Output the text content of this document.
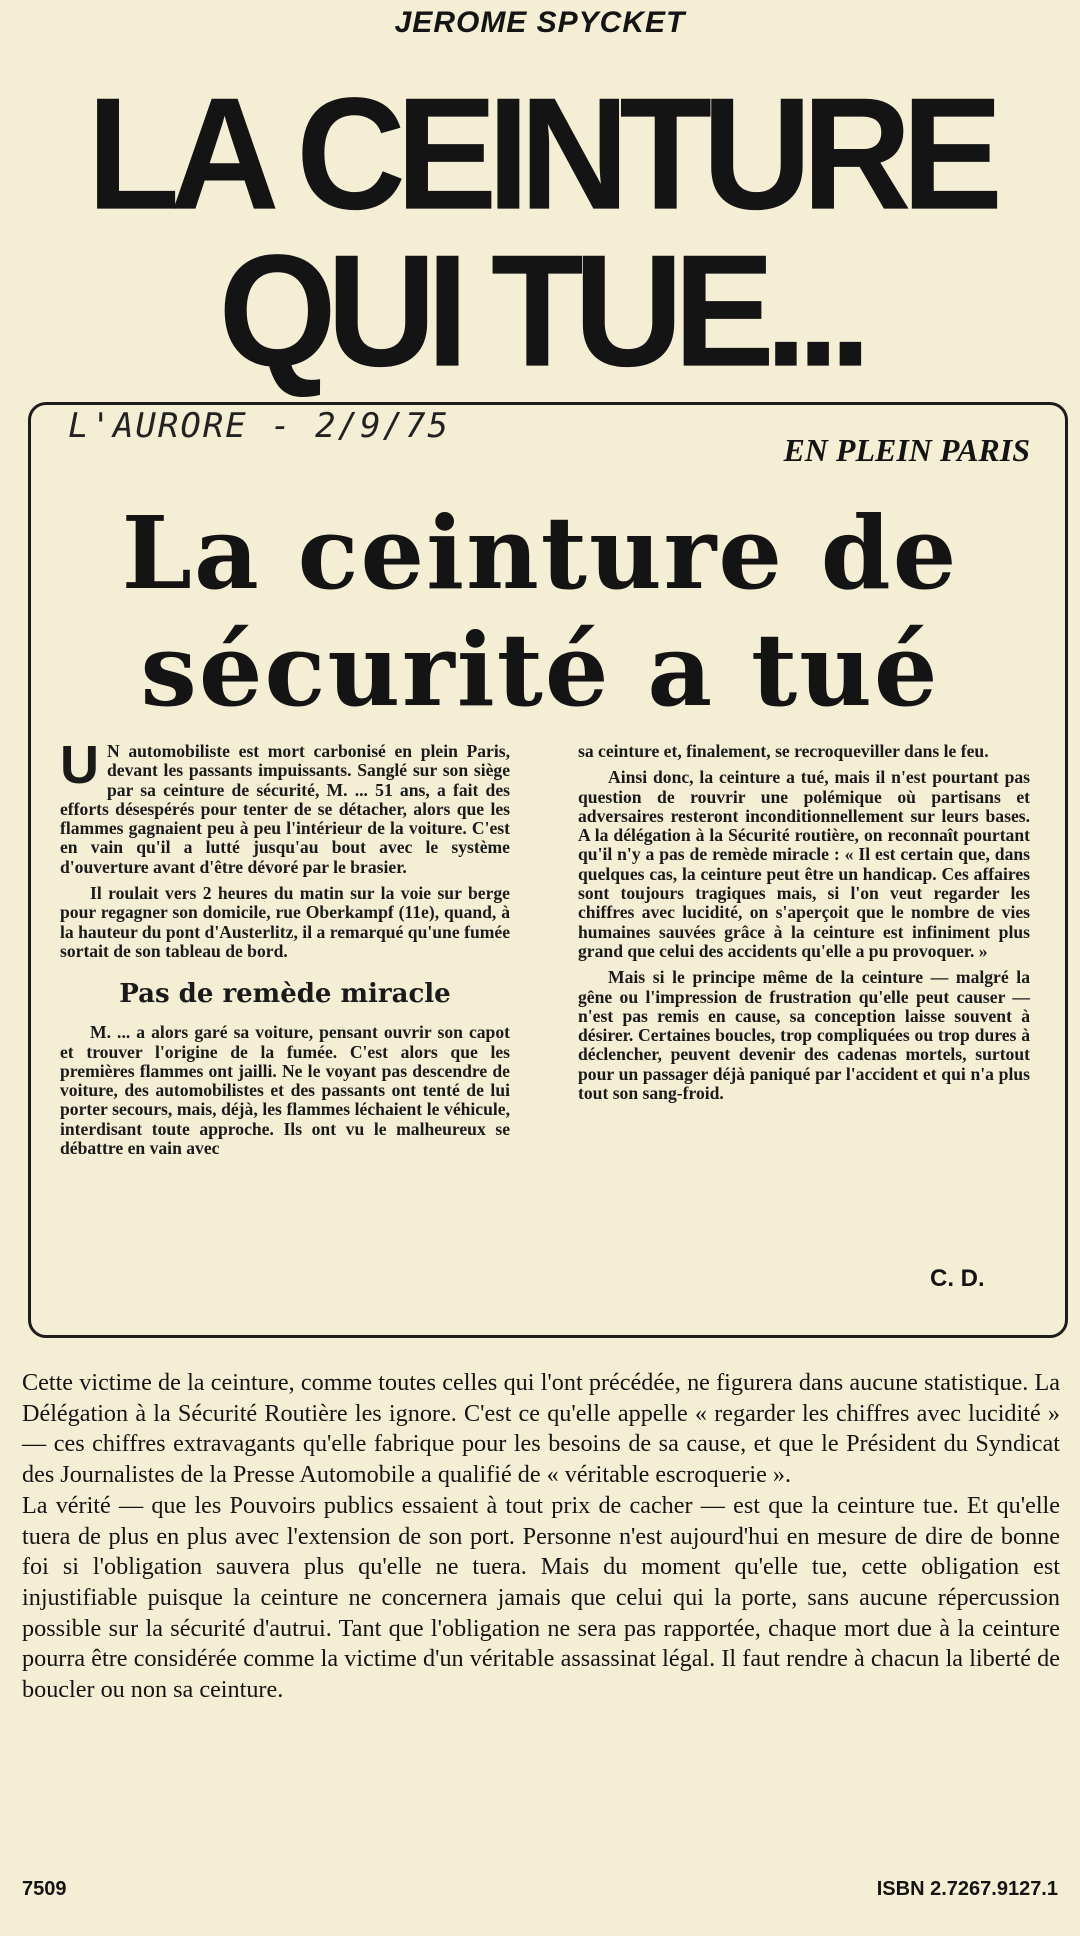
JEROME SPYCKET
LA CEINTURE
QUI TUE...
L'AURORE - 2/9/75
EN PLEIN PARIS
La ceinture de
sécurité a tué

U N automobiliste est mort carbonisé en plein Paris, devant les passants impuissants. Sanglé sur son siège par sa ceinture de sécurité, M. ... 51 ans, a fait des efforts désespérés pour tenter de se détacher, alors que les flammes gagnaient peu à peu l'intérieur de la voiture. C'est en vain qu'il a lutté jusqu'au bout avec le système d'ouverture avant d'être dévoré par le brasier.

Il roulait vers 2 heures du matin sur la voie sur berge pour regagner son domicile, rue Oberkampf (11e), quand, à la hauteur du pont d'Austerlitz, il a remarqué qu'une fumée sortait de son tableau de bord.

Pas de remède miracle

M. ... a alors garé sa voiture, pensant ouvrir son capot et trouver l'origine de la fumée. C'est alors que les premières flammes ont jailli. Ne le voyant pas descendre de voiture, des automobilistes et des passants ont tenté de lui porter secours, mais, déjà, les flammes léchaient le véhicule, interdisant toute approche. Ils ont vu le malheureux se débattre en vain avec

sa ceinture et, finalement, se recroqueviller dans le feu.

Ainsi donc, la ceinture a tué, mais il n'est pourtant pas question de rouvrir une polémique où partisans et adversaires resteront inconditionnellement sur leurs bases. A la délégation à la Sécurité routière, on reconnaît pourtant qu'il n'y a pas de remède miracle : « Il est certain que, dans quelques cas, la ceinture peut être un handicap. Ces affaires sont toujours tragiques mais, si l'on veut regarder les chiffres avec lucidité, on s'aperçoit que le nombre de vies humaines sauvées grâce à la ceinture est infiniment plus grand que celui des accidents qu'elle a pu provoquer. »

Mais si le principe même de la ceinture — malgré la gêne ou l'impression de frustration qu'elle peut causer — n'est pas remis en cause, sa conception laisse souvent à désirer. Certaines boucles, trop compliquées ou trop dures à déclencher, peuvent devenir des cadenas mortels, surtout pour un passager déjà paniqué par l'accident et qui n'a plus tout son sang-froid.

C. D.

Cette victime de la ceinture, comme toutes celles qui l'ont précédée, ne figurera dans aucune statistique. La Délégation à la Sécurité Routière les ignore. C'est ce qu'elle appelle « regarder les chiffres avec lucidité » — ces chiffres extravagants qu'elle fabrique pour les besoins de sa cause, et que le Président du Syndicat des Journalistes de la Presse Automobile a qualifié de « véritable escroquerie ».

La vérité — que les Pouvoirs publics essaient à tout prix de cacher — est que la ceinture tue. Et qu'elle tuera de plus en plus avec l'extension de son port. Personne n'est aujourd'hui en mesure de dire de bonne foi si l'obligation sauvera plus qu'elle ne tuera. Mais du moment qu'elle tue, cette obligation est injustifiable puisque la ceinture ne concernera jamais que celui qui la porte, sans aucune répercussion possible sur la sécurité d'autrui. Tant que l'obligation ne sera pas rapportée, chaque mort due à la ceinture pourra être considérée comme la victime d'un véritable assassinat légal. Il faut rendre à chacun la liberté de boucler ou non sa ceinture.

7509	ISBN 2.7267.9127.1
